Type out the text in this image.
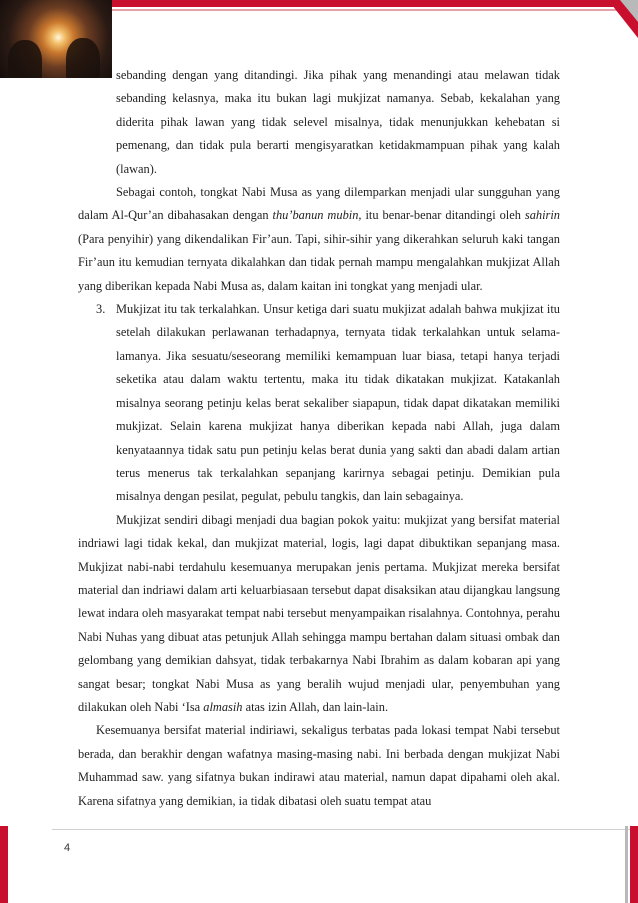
sebanding dengan yang ditandingi. Jika pihak yang menandingi atau melawan tidak sebanding kelasnya, maka itu bukan lagi mukjizat namanya. Sebab, kekalahan yang diderita pihak lawan yang tidak selevel misalnya, tidak menunjukkan kehebatan si pemenang, dan tidak pula berarti mengisyaratkan ketidakmampuan pihak yang kalah (lawan).

Sebagai contoh, tongkat Nabi Musa as yang dilemparkan menjadi ular sungguhan yang dalam Al-Qur’an dibahasakan dengan thu’banun mubin, itu benar-benar ditandingi oleh sahirin (Para penyihir) yang dikendalikan Fir’aun. Tapi, sihir-sihir yang dikerahkan seluruh kaki tangan Fir’aun itu kemudian ternyata dikalahkan dan tidak pernah mampu mengalahkan mukjizat Allah yang diberikan kepada Nabi Musa as, dalam kaitan ini tongkat yang menjadi ular.

3. Mukjizat itu tak terkalahkan. Unsur ketiga dari suatu mukjizat adalah bahwa mukjizat itu setelah dilakukan perlawanan terhadapnya, ternyata tidak terkalahkan untuk selama-lamanya. Jika sesuatu/seseorang memiliki kemampuan luar biasa, tetapi hanya terjadi seketika atau dalam waktu tertentu, maka itu tidak dikatakan mukjizat. Katakanlah misalnya seorang petinju kelas berat sekaliber siapapun, tidak dapat dikatakan memiliki mukjizat. Selain karena mukjizat hanya diberikan kepada nabi Allah, juga dalam kenyataannya tidak satu pun petinju kelas berat dunia yang sakti dan abadi dalam artian terus menerus tak terkalahkan sepanjang karirnya sebagai petinju. Demikian pula misalnya dengan pesilat, pegulat, pebulu tangkis, dan lain sebagainya.

Mukjizat sendiri dibagi menjadi dua bagian pokok yaitu: mukjizat yang bersifat material indriawi lagi tidak kekal, dan mukjizat material, logis, lagi dapat dibuktikan sepanjang masa. Mukjizat nabi-nabi terdahulu kesemuanya merupakan jenis pertama. Mukjizat mereka bersifat material dan indriawi dalam arti keluarbiasaan tersebut dapat disaksikan atau dijangkau langsung lewat indara oleh masyarakat tempat nabi tersebut menyampaikan risalahnya. Contohnya, perahu Nabi Nuhas yang dibuat atas petunjuk Allah sehingga mampu bertahan dalam situasi ombak dan gelombang yang demikian dahsyat, tidak terbakarnya Nabi Ibrahim as dalam kobaran api yang sangat besar; tongkat Nabi Musa as yang beralih wujud menjadi ular, penyembuhan yang dilakukan oleh Nabi ‘Isa almasih atas izin Allah, dan lain-lain.

Kesemuanya bersifat material indiriawi, sekaligus terbatas pada lokasi tempat Nabi tersebut berada, dan berakhir dengan wafatnya masing-masing nabi. Ini berbada dengan mukjizat Nabi Muhammad saw. yang sifatnya bukan indirawi atau material, namun dapat dipahami oleh akal. Karena sifatnya yang demikian, ia tidak dibatasi oleh suatu tempat atau

4
